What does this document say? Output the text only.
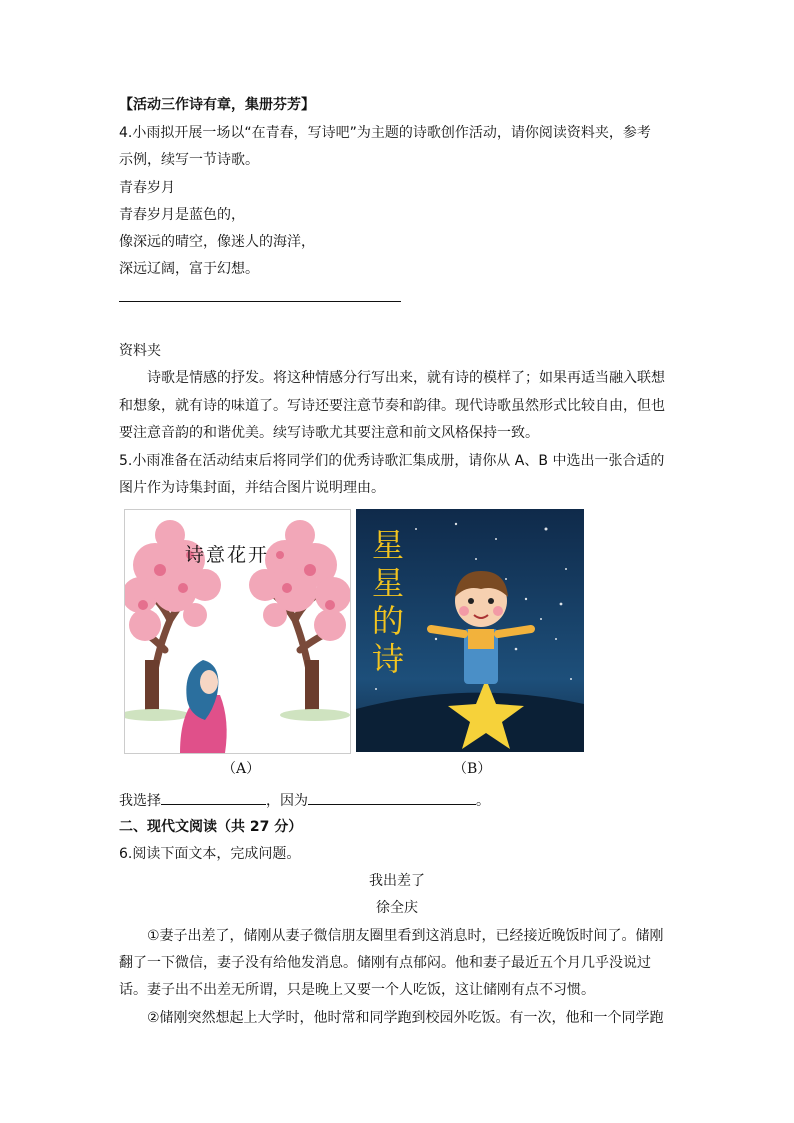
【活动三作诗有章，集册芬芳】
4.小雨拟开展一场以“在青春，写诗吧”为主题的诗歌创作活动，请你阅读资料夹，参考
示例，续写一节诗歌。
青春岁月
青春岁月是蓝色的，
像深远的晴空，像迷人的海洋，
深远辽阔，富于幻想。
资料夹
诗歌是情感的抒发。将这种情感分行写出来，就有诗的模样了；如果再适当融入联想
和想象，就有诗的味道了。写诗还要注意节奏和韵律。现代诗歌虽然形式比较自由，但也
要注意音韵的和谐优美。续写诗歌尤其要注意和前文风格保持一致。
5.小雨准备在活动结束后将同学们的优秀诗歌汇集成册，请你从 A、B 中选出一张合适的
图片作为诗集封面，并结合图片说明理由。
诗意花开	星
星
的
诗
（A）	（B）
我选择	，因为	。
二、现代文阅读（共 27 分）
6.阅读下面文本，完成问题。
我出差了
徐全庆
①妻子出差了，储刚从妻子微信朋友圈里看到这消息时，已经接近晚饭时间了。储刚
翻了一下微信，妻子没有给他发消息。储刚有点郁闷。他和妻子最近五个月几乎没说过
话。妻子出不出差无所谓，只是晚上又要一个人吃饭，这让储刚有点不习惯。
②储刚突然想起上大学时，他时常和同学跑到校园外吃饭。有一次，他和一个同学跑
